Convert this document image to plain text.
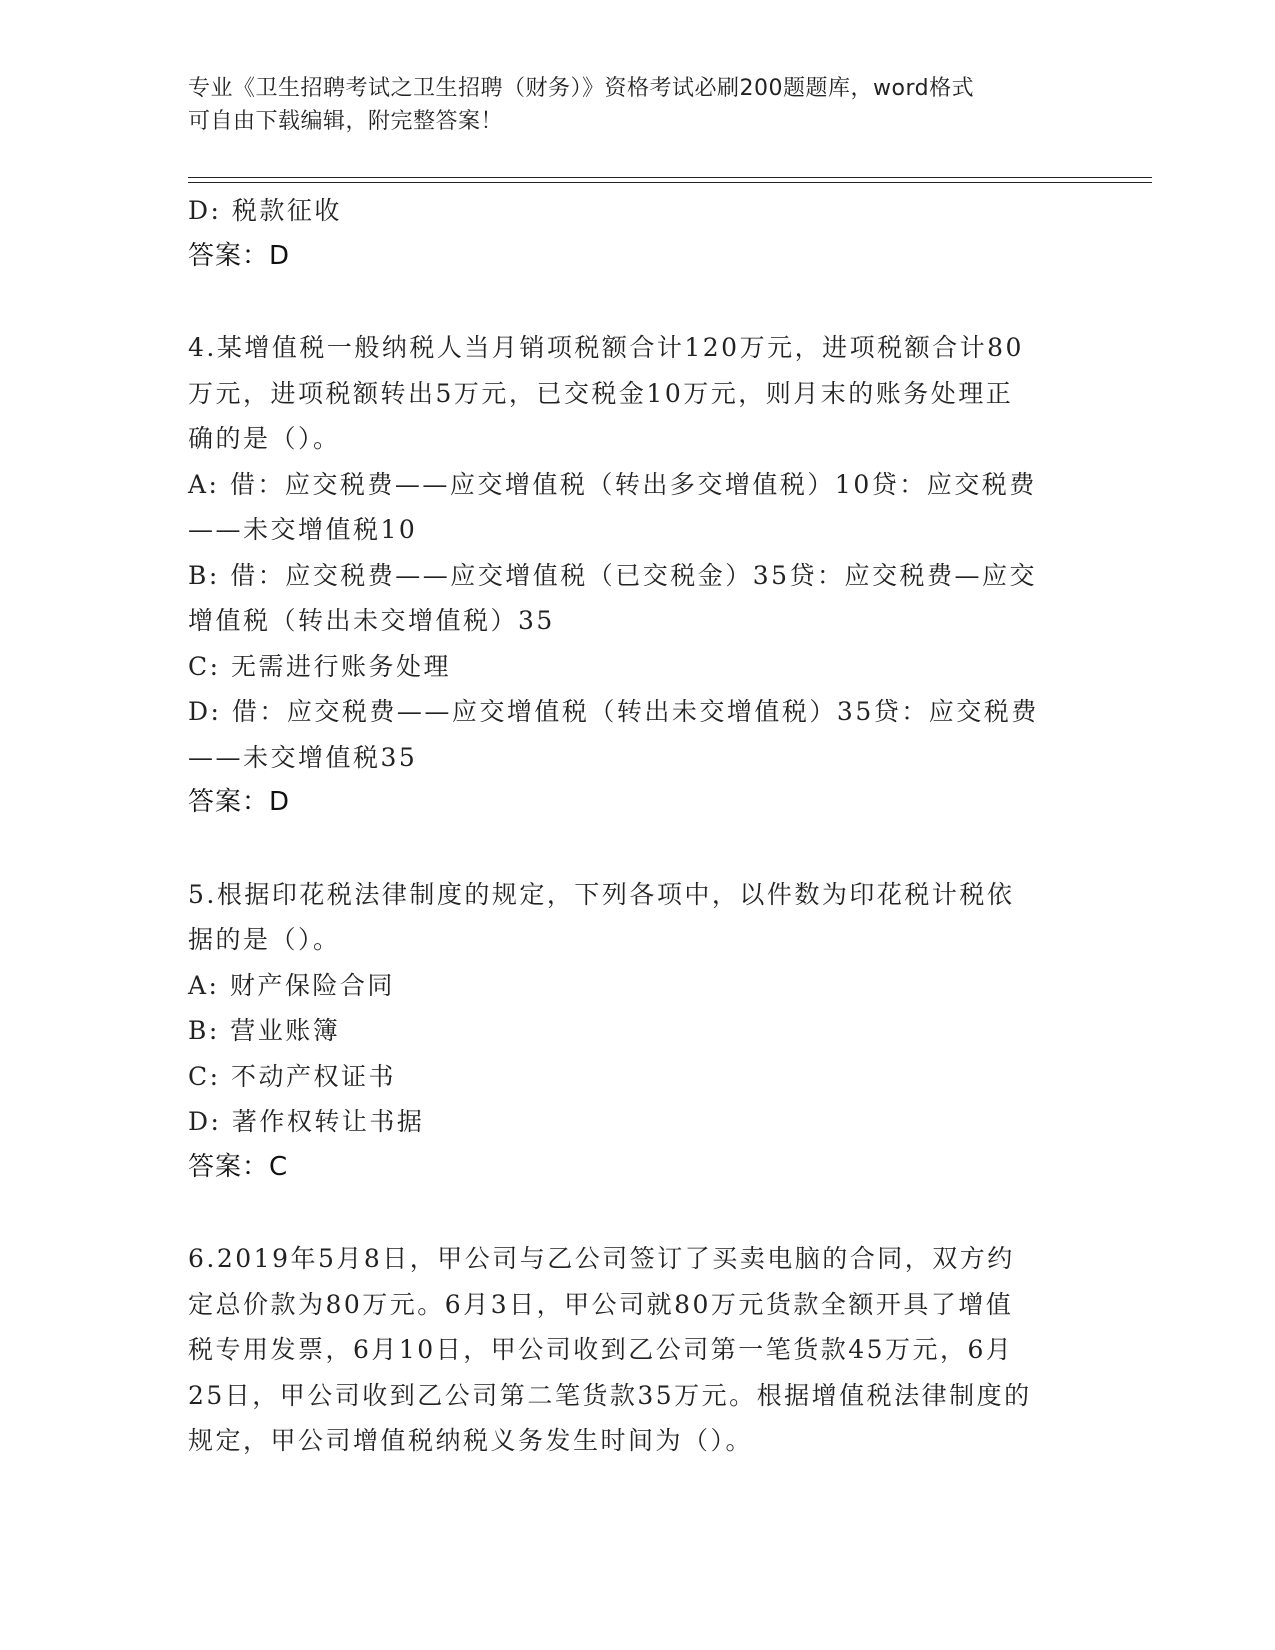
专业《卫生招聘考试之卫生招聘（财务）》资格考试必刷200题题库，word格式
可自由下载编辑，附完整答案！
D: 税款征收
答案：D
4.某增值税一般纳税人当月销项税额合计120万元，进项税额合计80
万元，进项税额转出5万元，已交税金10万元，则月末的账务处理正
确的是（）。
A: 借：应交税费——应交增值税（转出多交增值税）10贷：应交税费
——未交增值税10
B: 借：应交税费——应交增值税（已交税金）35贷：应交税费—应交
增值税（转出未交增值税）35
C: 无需进行账务处理
D: 借：应交税费——应交增值税（转出未交增值税）35贷：应交税费
——未交增值税35
答案：D
5.根据印花税法律制度的规定，下列各项中，以件数为印花税计税依
据的是（）。
A: 财产保险合同
B: 营业账簿
C: 不动产权证书
D: 著作权转让书据
答案：C
6.2019年5月8日，甲公司与乙公司签订了买卖电脑的合同，双方约
定总价款为80万元。6月3日，甲公司就80万元货款全额开具了增值
税专用发票，6月10日，甲公司收到乙公司第一笔货款45万元，6月
25日，甲公司收到乙公司第二笔货款35万元。根据增值税法律制度的
规定，甲公司增值税纳税义务发生时间为（）。
